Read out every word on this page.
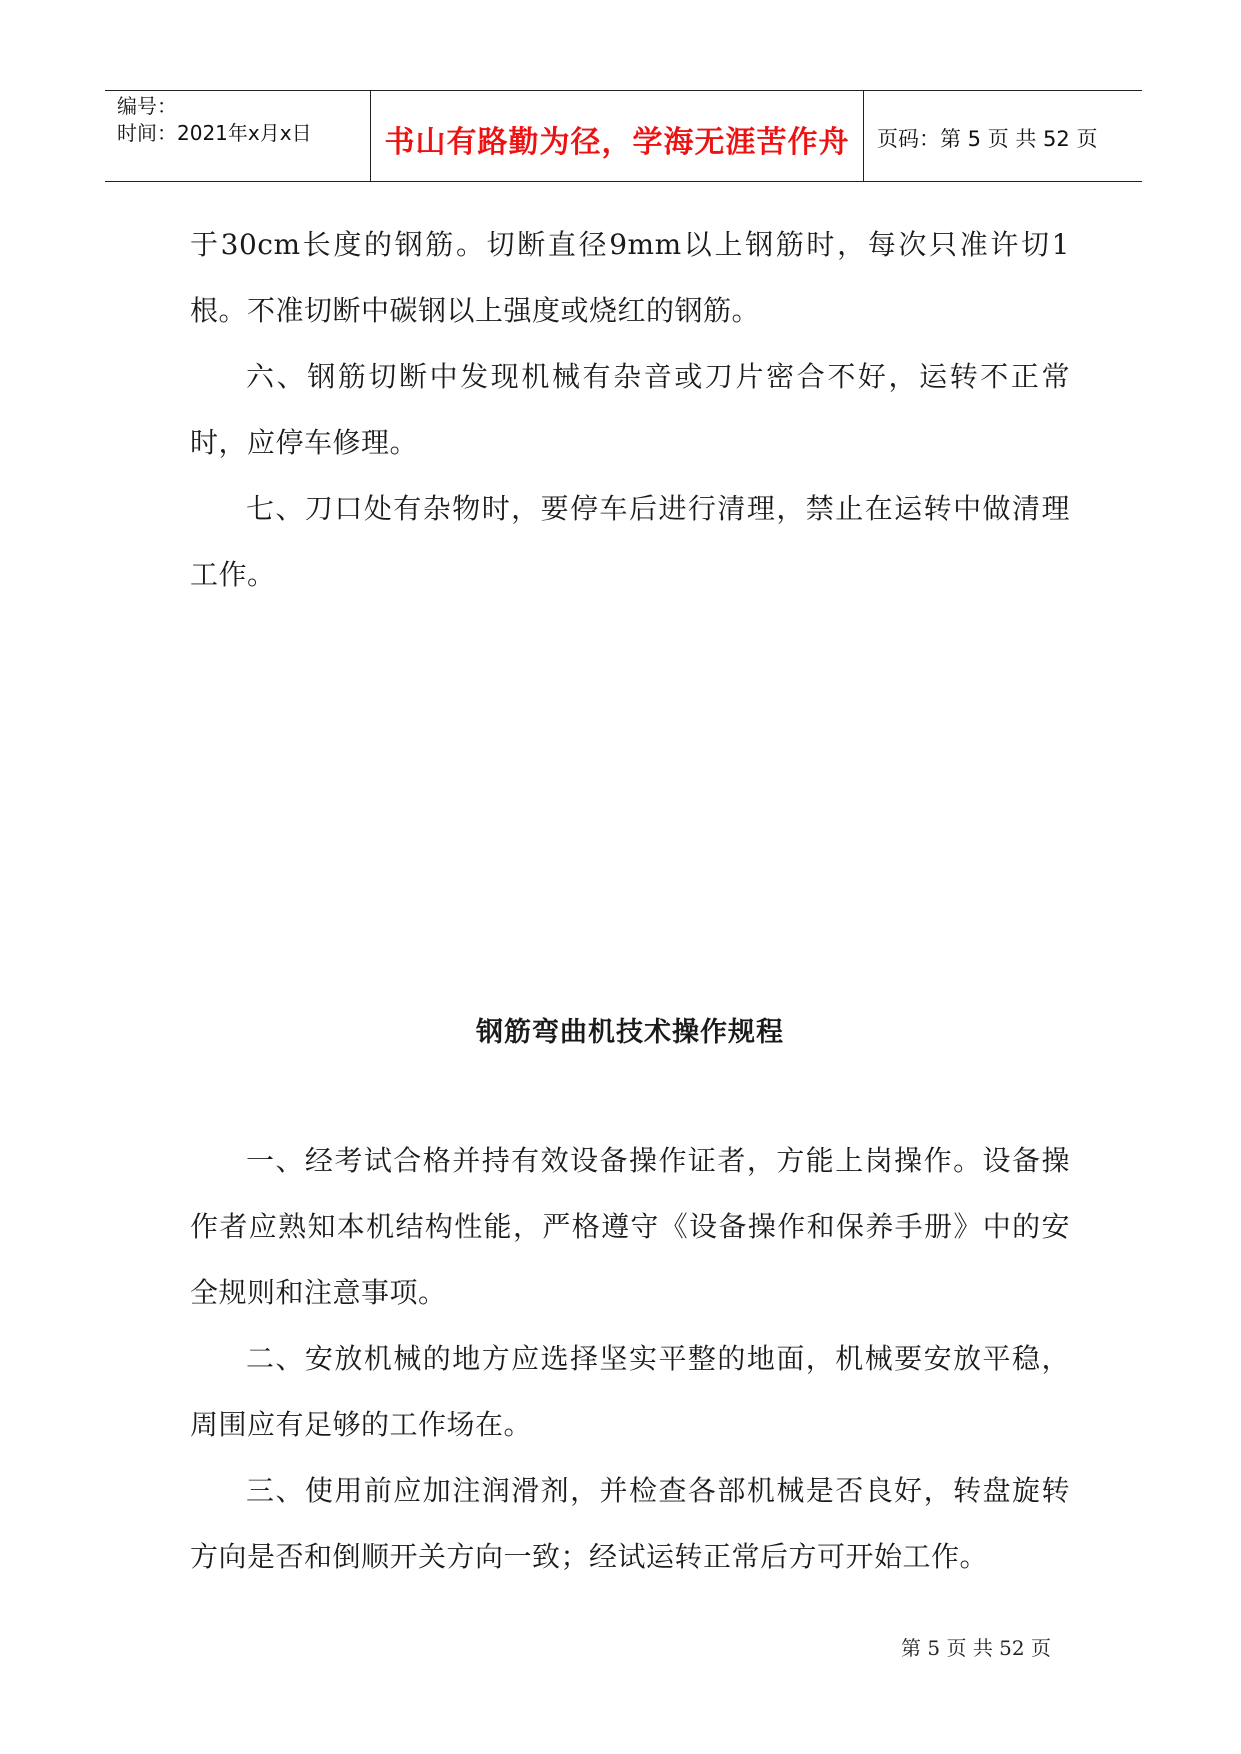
编号：
时间：2021年x月x日	书山有路勤为径，学海无涯苦作舟	页码：第 5 页 共 52 页

于30cm长度的钢筋。切断直径9mm以上钢筋时，每次只准许切1根。不准切断中碳钢以上强度或烧红的钢筋。

六、钢筋切断中发现机械有杂音或刀片密合不好，运转不正常时，应停车修理。

七、刀口处有杂物时，要停车后进行清理，禁止在运转中做清理工作。

钢筋弯曲机技术操作规程

一、经考试合格并持有效设备操作证者，方能上岗操作。设备操作者应熟知本机结构性能，严格遵守《设备操作和保养手册》中的安全规则和注意事项。

二、安放机械的地方应选择坚实平整的地面，机械要安放平稳，周围应有足够的工作场在。

三、使用前应加注润滑剂，并检查各部机械是否良好，转盘旋转方向是否和倒顺开关方向一致；经试运转正常后方可开始工作。

第 5 页 共 52 页
